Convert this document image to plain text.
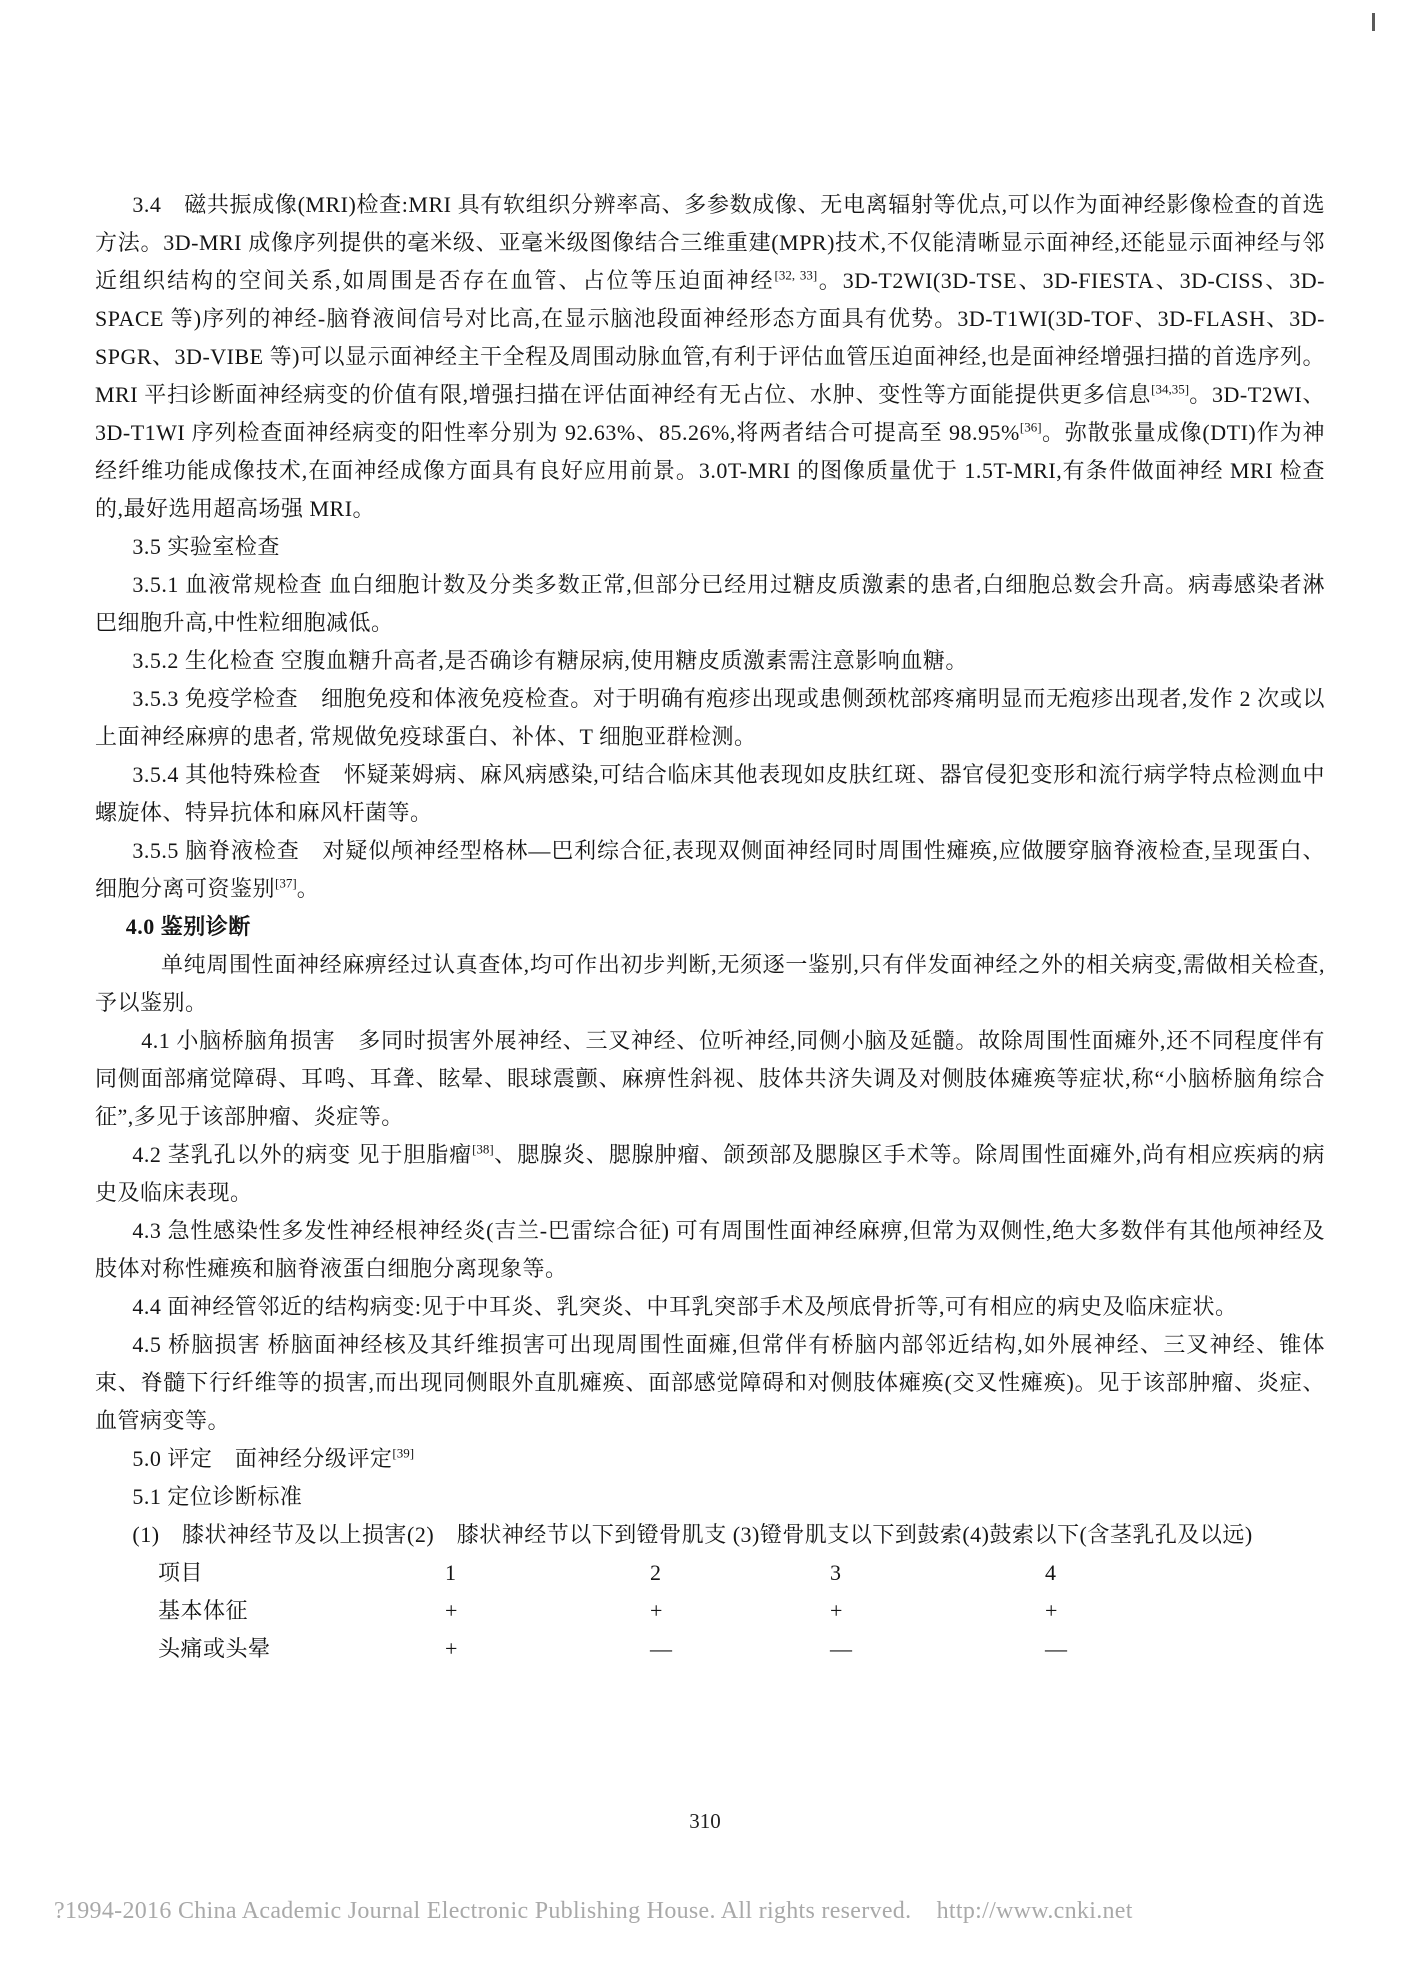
3.4　磁共振成像(MRI)检查:MRI 具有软组织分辨率高、多参数成像、无电离辐射等优点,可以作为面神经影像检查的首选方法。3D-MRI 成像序列提供的毫米级、亚毫米级图像结合三维重建(MPR)技术,不仅能清晰显示面神经,还能显示面神经与邻近组织结构的空间关系,如周围是否存在血管、占位等压迫面神经[32, 33]。3D-T2WI(3D-TSE、3D-FIESTA、3D-CISS、3D-SPACE 等)序列的神经-脑脊液间信号对比高,在显示脑池段面神经形态方面具有优势。3D-T1WI(3D-TOF、3D-FLASH、3D-SPGR、3D-VIBE 等)可以显示面神经主干全程及周围动脉血管,有利于评估血管压迫面神经,也是面神经增强扫描的首选序列。MRI 平扫诊断面神经病变的价值有限,增强扫描在评估面神经有无占位、水肿、变性等方面能提供更多信息[34,35]。3D-T2WI、3D-T1WI 序列检查面神经病变的阳性率分别为 92.63%、85.26%,将两者结合可提高至 98.95%[36]。弥散张量成像(DTI)作为神经纤维功能成像技术,在面神经成像方面具有良好应用前景。3.0T-MRI 的图像质量优于 1.5T-MRI,有条件做面神经 MRI 检查的,最好选用超高场强 MRI。
3.5 实验室检查
3.5.1 血液常规检查 血白细胞计数及分类多数正常,但部分已经用过糖皮质激素的患者,白细胞总数会升高。病毒感染者淋巴细胞升高,中性粒细胞减低。
3.5.2 生化检查 空腹血糖升高者,是否确诊有糖尿病,使用糖皮质激素需注意影响血糖。
3.5.3 免疫学检查　细胞免疫和体液免疫检查。对于明确有疱疹出现或患侧颈枕部疼痛明显而无疱疹出现者,发作 2 次或以上面神经麻痹的患者, 常规做免疫球蛋白、补体、T 细胞亚群检测。
3.5.4 其他特殊检查　怀疑莱姆病、麻风病感染,可结合临床其他表现如皮肤红斑、器官侵犯变形和流行病学特点检测血中螺旋体、特异抗体和麻风杆菌等。
3.5.5 脑脊液检查　对疑似颅神经型格林—巴利综合征,表现双侧面神经同时周围性瘫痪,应做腰穿脑脊液检查,呈现蛋白、细胞分离可资鉴别[37]。
4.0 鉴别诊断
单纯周围性面神经麻痹经过认真查体,均可作出初步判断,无须逐一鉴别,只有伴发面神经之外的相关病变,需做相关检查,予以鉴别。
4.1 小脑桥脑角损害　多同时损害外展神经、三叉神经、位听神经,同侧小脑及延髓。故除周围性面瘫外,还不同程度伴有同侧面部痛觉障碍、耳鸣、耳聋、眩晕、眼球震颤、麻痹性斜视、肢体共济失调及对侧肢体瘫痪等症状,称“小脑桥脑角综合征”,多见于该部肿瘤、炎症等。
4.2 茎乳孔以外的病变 见于胆脂瘤[38]、腮腺炎、腮腺肿瘤、颌颈部及腮腺区手术等。除周围性面瘫外,尚有相应疾病的病史及临床表现。
4.3 急性感染性多发性神经根神经炎(吉兰-巴雷综合征) 可有周围性面神经麻痹,但常为双侧性,绝大多数伴有其他颅神经及肢体对称性瘫痪和脑脊液蛋白细胞分离现象等。
4.4 面神经管邻近的结构病变:见于中耳炎、乳突炎、中耳乳突部手术及颅底骨折等,可有相应的病史及临床症状。
4.5 桥脑损害 桥脑面神经核及其纤维损害可出现周围性面瘫,但常伴有桥脑内部邻近结构,如外展神经、三叉神经、锥体束、脊髓下行纤维等的损害,而出现同侧眼外直肌瘫痪、面部感觉障碍和对侧肢体瘫痪(交叉性瘫痪)。见于该部肿瘤、炎症、血管病变等。
5.0 评定　面神经分级评定[39]
5.1 定位诊断标准
(1)　膝状神经节及以上损害(2)　膝状神经节以下到镫骨肌支 (3)镫骨肌支以下到鼓索(4)鼓索以下(含茎乳孔及以远)
项目	1	2	3	4
基本体征	+	+	+	+
头痛或头晕	+	—	—	—
310
?1994-2016 China Academic Journal Electronic Publishing House. All rights reserved.    http://www.cnki.net
